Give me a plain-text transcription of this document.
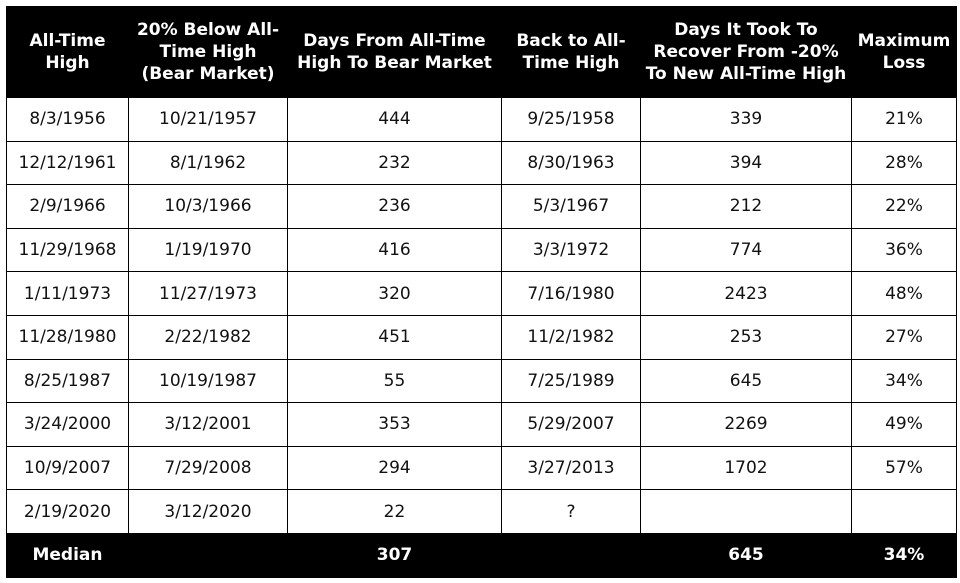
All-Time High	20% Below All-Time High (Bear Market)	Days From All-Time High To Bear Market	Back to All-Time High	Days It Took To Recover From -20% To New All-Time High	Maximum Loss
8/3/1956	10/21/1957	444	9/25/1958	339	21%
12/12/1961	8/1/1962	232	8/30/1963	394	28%
2/9/1966	10/3/1966	236	5/3/1967	212	22%
11/29/1968	1/19/1970	416	3/3/1972	774	36%
1/11/1973	11/27/1973	320	7/16/1980	2423	48%
11/28/1980	2/22/1982	451	11/2/1982	253	27%
8/25/1987	10/19/1987	55	7/25/1989	645	34%
3/24/2000	3/12/2001	353	5/29/2007	2269	49%
10/9/2007	7/29/2008	294	3/27/2013	1702	57%
2/19/2020	3/12/2020	22	?		
Median		307		645	34%
